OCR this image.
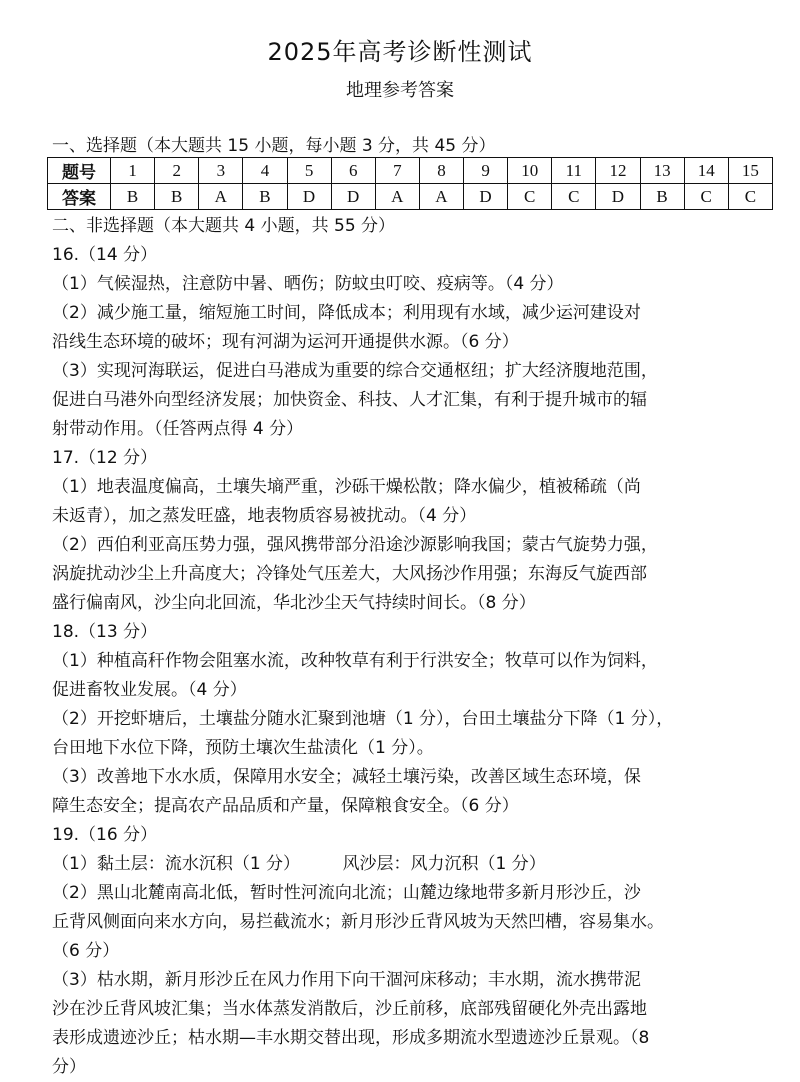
2025年高考诊断性测试
地理参考答案
一、选择题（本大题共 15 小题，每小题 3 分，共 45 分）
题号	1	2	3	4	5	6	7	8	9	10	11	12	13	14	15
答案	B	B	A	B	D	D	A	A	D	C	C	D	B	C	C
二、非选择题（本大题共 4 小题，共 55 分）
16.（14 分）
（1）气候湿热，注意防中暑、晒伤；防蚊虫叮咬、疫病等。（4 分）
（2）减少施工量，缩短施工时间，降低成本；利用现有水域，减少运河建设对
沿线生态环境的破坏；现有河湖为运河开通提供水源。（6 分）
（3）实现河海联运，促进白马港成为重要的综合交通枢纽；扩大经济腹地范围，
促进白马港外向型经济发展；加快资金、科技、人才汇集，有利于提升城市的辐
射带动作用。（任答两点得 4 分）
17.（12 分）
（1）地表温度偏高，土壤失墒严重，沙砾干燥松散；降水偏少，植被稀疏（尚
未返青），加之蒸发旺盛，地表物质容易被扰动。（4 分）
（2）西伯利亚高压势力强，强风携带部分沿途沙源影响我国；蒙古气旋势力强，
涡旋扰动沙尘上升高度大；冷锋处气压差大，大风扬沙作用强；东海反气旋西部
盛行偏南风，沙尘向北回流，华北沙尘天气持续时间长。（8 分）
18.（13 分）
（1）种植高秆作物会阻塞水流，改种牧草有利于行洪安全；牧草可以作为饲料，
促进畜牧业发展。（4 分）
（2）开挖虾塘后，土壤盐分随水汇聚到池塘（1 分），台田土壤盐分下降（1 分），
台田地下水位下降，预防土壤次生盐渍化（1 分）。
（3）改善地下水水质，保障用水安全；减轻土壤污染，改善区域生态环境，保
障生态安全；提高农产品品质和产量，保障粮食安全。（6 分）
19.（16 分）
（1）黏土层：流水沉积（1 分）　　　风沙层：风力沉积（1 分）
（2）黑山北麓南高北低，暂时性河流向北流；山麓边缘地带多新月形沙丘，沙
丘背风侧面向来水方向，易拦截流水；新月形沙丘背风坡为天然凹槽，容易集水。
（6 分）
（3）枯水期，新月形沙丘在风力作用下向干涸河床移动；丰水期，流水携带泥
沙在沙丘背风坡汇集；当水体蒸发消散后，沙丘前移，底部残留硬化外壳出露地
表形成遗迹沙丘；枯水期—丰水期交替出现，形成多期流水型遗迹沙丘景观。（8
分）
